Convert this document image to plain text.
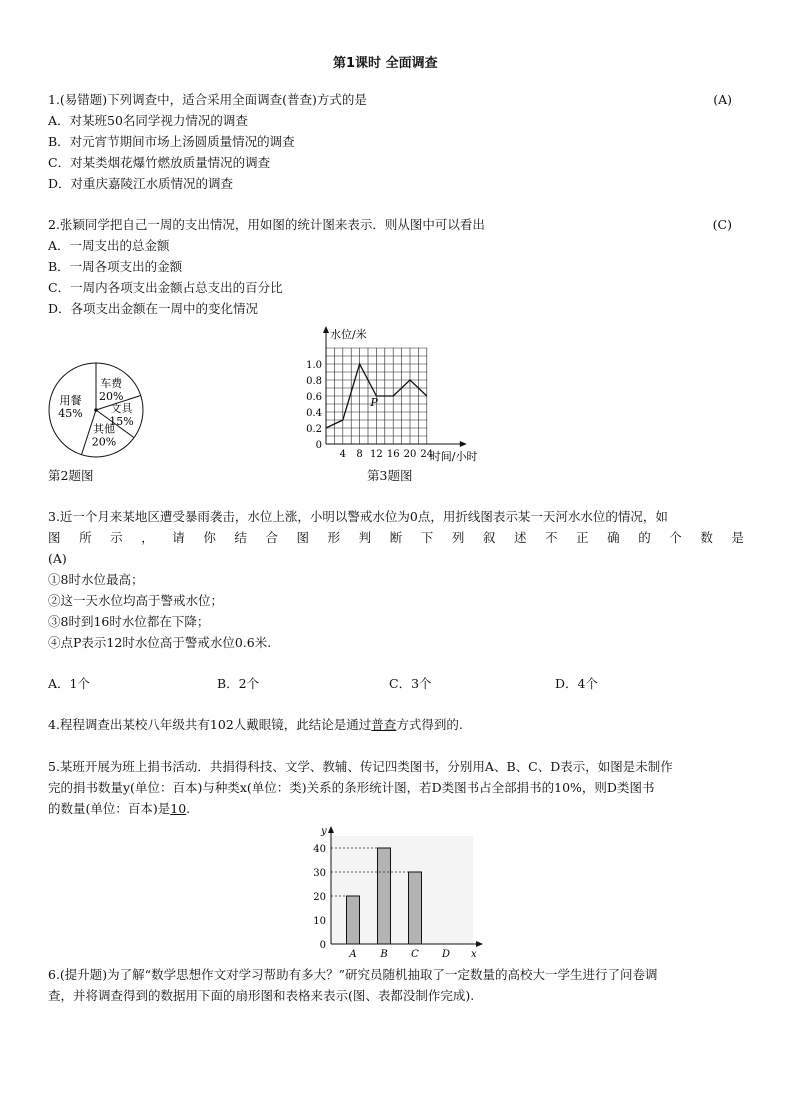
第1课时 全面调查
1.(易错题)下列调查中，适合采用全面调查(普查)方式的是	(A)
A．对某班50名同学视力情况的调查
B．对元宵节期间市场上汤圆质量情况的调查
C．对某类烟花爆竹燃放质量情况的调查
D．对重庆嘉陵江水质情况的调查
2.张颖同学把自己一周的支出情况，用如图的统计图来表示．则从图中可以看出	(C)
A．一周支出的总金额
B．一周各项支出的金额
C．一周内各项支出金额占总支出的百分比
D．各项支出金额在一周中的变化情况
用餐
45%
车费
20%
文具
15%
其他
20%
第2题图
水位/米
时间/小时
0
0.2
0.4
0.6
0.8
1.0
4 8 12 16 20 24
P
第3题图
3.近一个月来某地区遭受暴雨袭击，水位上涨，小明以警戒水位为0点，用折线图表示某一天河水水位的情况，如
图 所 示 ， 请 你 结 合 图 形 判 断 下 列 叙 述 不 正 确 的 个 数 是
(A)
①8时水位最高；
②这一天水位均高于警戒水位；
③8时到16时水位都在下降；
④点P表示12时水位高于警戒水位0.6米.
A．1个	B．2个	C．3个	D．4个
4.程程调查出某校八年级共有102人戴眼镜，此结论是通过普查方式得到的.
5.某班开展为班上捐书活动．共捐得科技、文学、教辅、传记四类图书，分别用A、B、C、D表示，如图是未制作
完的捐书数量y(单位：百本)与种类x(单位：类)关系的条形统计图，若D类图书占全部捐书的10%，则D类图书
的数量(单位：百本)是10.
A B C D
0
10
20
30
40
y
x
6.(提升题)为了解“数学思想作文对学习帮助有多大？”研究员随机抽取了一定数量的高校大一学生进行了问卷调
查，并将调查得到的数据用下面的扇形图和表格来表示(图、表都没制作完成).
